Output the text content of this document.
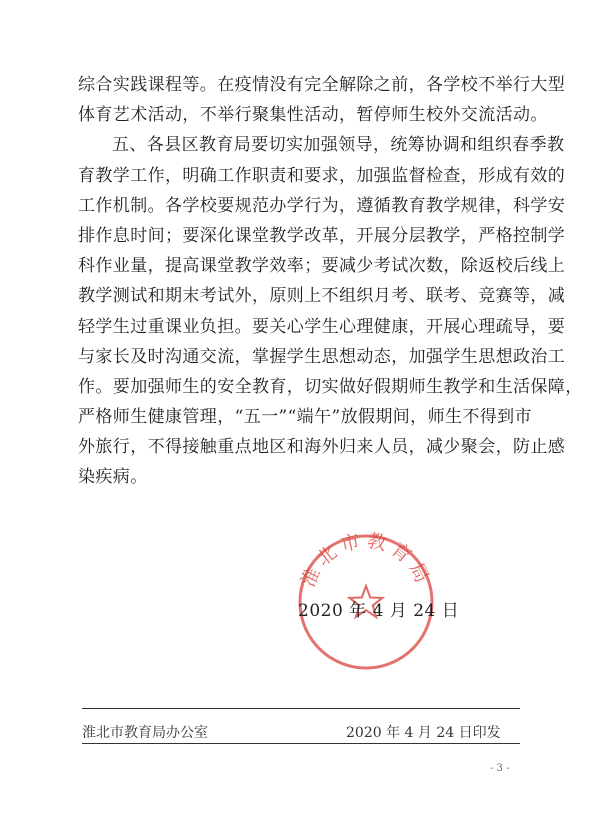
综合实践课程等。在疫情没有完全解除之前，各学校不举行大型
体育艺术活动，不举行聚集性活动，暂停师生校外交流活动。
五、各县区教育局要切实加强领导，统筹协调和组织春季教
育教学工作，明确工作职责和要求，加强监督检查，形成有效的
工作机制。各学校要规范办学行为，遵循教育教学规律，科学安
排作息时间；要深化课堂教学改革，开展分层教学，严格控制学
科作业量，提高课堂教学效率；要减少考试次数，除返校后线上
教学测试和期末考试外，原则上不组织月考、联考、竞赛等，减
轻学生过重课业负担。要关心学生心理健康，开展心理疏导，要
与家长及时沟通交流，掌握学生思想动态，加强学生思想政治工
作。要加强师生的安全教育，切实做好假期师生教学和生活保障，
严格师生健康管理，“五一”“端午”放假期间，师生不得到市
外旅行，不得接触重点地区和海外归来人员，减少聚会，防止感
染疾病。
淮北市教育局
2020 年 4 月 24 日
淮北市教育局办公室	2020 年 4 月 24 日印发
- 3 -
